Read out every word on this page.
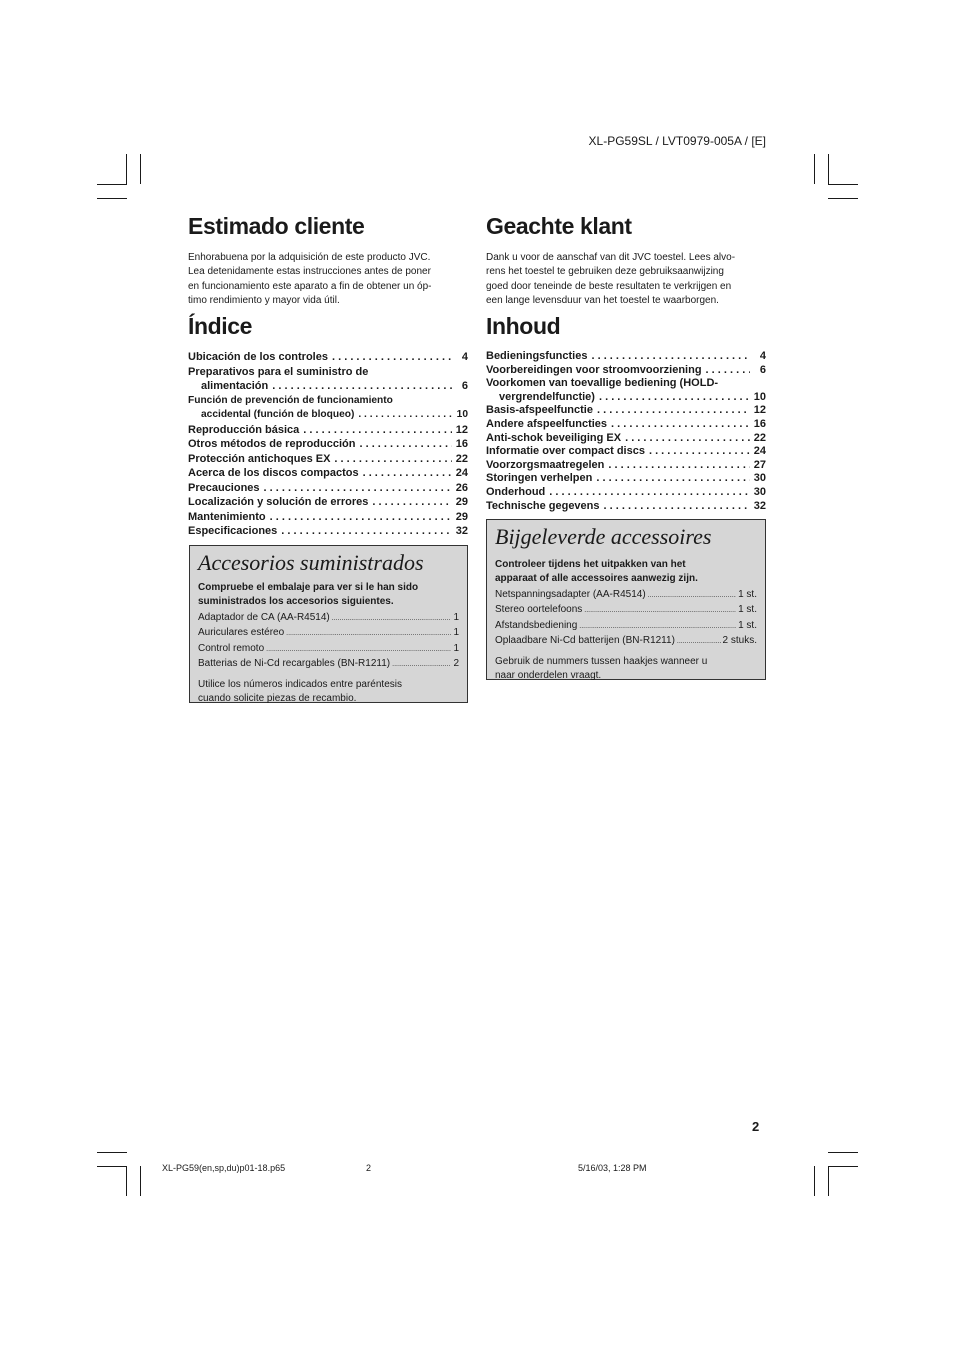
XL-PG59SL / LVT0979-005A / [E]
Estimado cliente

Enhorabuena por la adquisición de este producto JVC.
Lea detenidamente estas instrucciones antes de poner
en funcionamiento este aparato a fin de obtener un óp-
timo rendimiento y mayor vida útil.

Índice
Ubicación de los controles . . .	4
Preparativos para el suministro de
alimentación . . .	6
Función de prevención de funcionamiento
accidental (función de bloqueo) . . .	10
Reproducción básica . . .	12
Otros métodos de reproducción . . .	16
Protección antichoques EX . . .	22
Acerca de los discos compactos . . .	24
Precauciones . . .	26
Localización y solución de errores . . .	29
Mantenimiento . . .	29
Especificaciones . . .	32
Accesorios suministrados
Compruebe el embalaje para ver si le han sido
suministrados los accesorios siguientes.
Adaptador de CA (AA-R4514) .....	1
Auriculares estéreo .....	1
Control remoto .....	1
Batterias de Ni-Cd recargables (BN-R1211) .....	2

Utilice los números indicados entre paréntesis
cuando solicite piezas de recambio.

Geachte klant

Dank u voor de aanschaf van dit JVC toestel. Lees alvo-
rens het toestel te gebruiken deze gebruiksaanwijzing
goed door teneinde de beste resultaten te verkrijgen en
een lange levensduur van het toestel te waarborgen.

Inhoud
Bedieningsfuncties . . .	4
Voorbereidingen voor stroomvoorziening . . .	6
Voorkomen van toevallige bediening (HOLD-
vergrendelfunctie) . . .	10
Basis-afspeelfunctie . . .	12
Andere afspeelfuncties . . .	16
Anti-schok beveiliging EX . . .	22
Informatie over compact discs . . .	24
Voorzorgsmaatregelen . . .	27
Storingen verhelpen . . .	30
Onderhoud . . .	30
Technische gegevens . . .	32
Bijgeleverde accessoires
Controleer tijdens het uitpakken van het
apparaat of alle accessoires aanwezig zijn.
Netspanningsadapter (AA-R4514) .....	1 st.
Stereo oortelefoons .....	1 st.
Afstandsbediening .....	1 st.
Oplaadbare Ni-Cd batterijen (BN-R1211) .....	2 stuks.

Gebruik de nummers tussen haakjes wanneer u
naar onderdelen vraagt.

2
XL-PG59(en,sp,du)p01-18.p65	2	5/16/03, 1:28 PM
